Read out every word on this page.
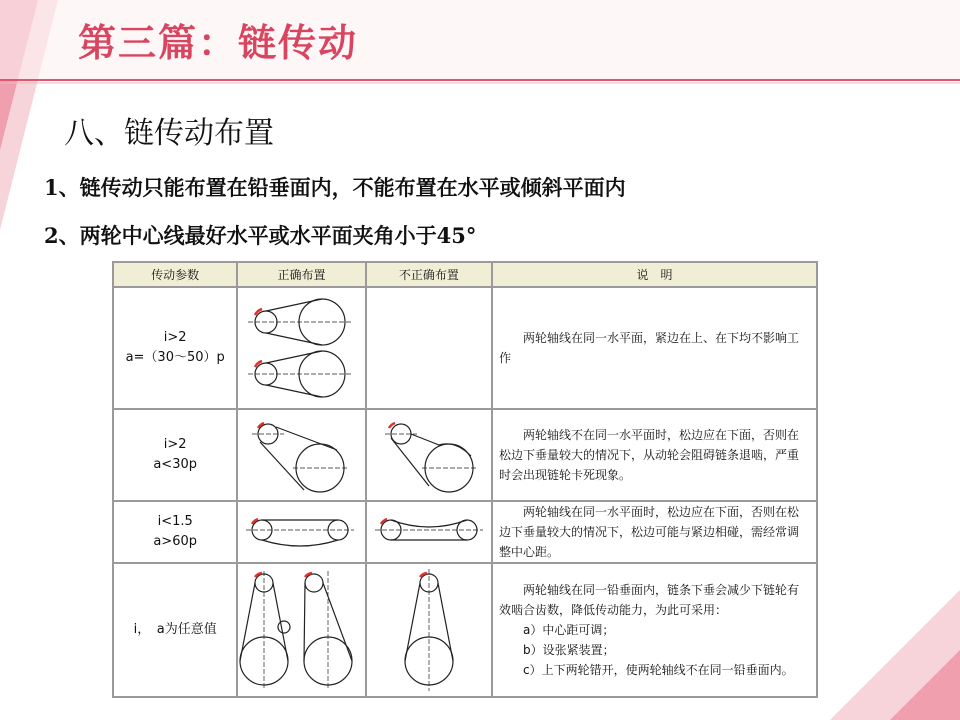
第三篇：链传动
八、链传动布置
1、链传动只能布置在铅垂面内，不能布置在水平或倾斜平面内
2、两轮中心线最好水平或水平面夹角小于45°
传动参数	正确布置	不正确布置	说　明

i>2
a=（30～50）p			两轮轴线在同一水平面，紧边在上、在下均不影响工作

i>2
a<30p			两轮轴线不在同一水平面时，松边应在下面，否则在松边下垂量较大的情况下，从动轮会阻碍链条退啮，严重时会出现链轮卡死现象。

i<1.5
a>60p			两轮轴线在同一水平面时，松边应在下面，否则在松边下垂量较大的情况下，松边可能与紧边相碰，需经常调整中心距。

i，　a为任意值			两轮轴线在同一铅垂面内，链条下垂会减少下链轮有效啮合齿数，降低传动能力，为此可采用：
a）中心距可调；
b）设张紧装置；
c）上下两轮错开，使两轮轴线不在同一铅垂面内。
